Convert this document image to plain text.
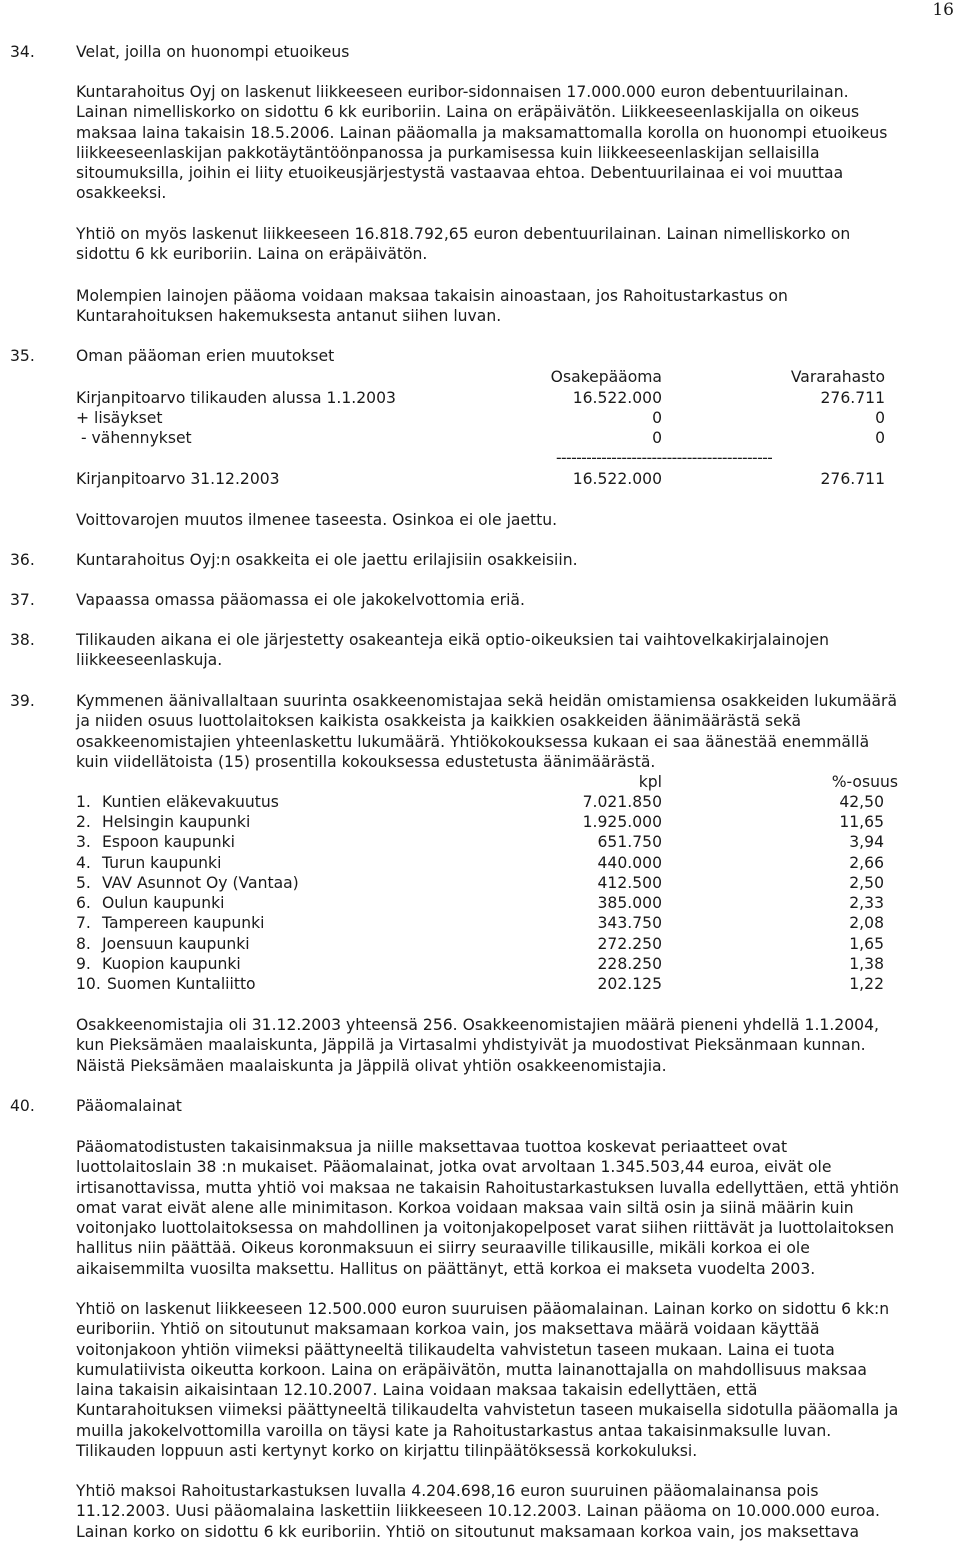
16
34.	Velat, joilla on huonompi etuoikeus
Kuntarahoitus Oyj on laskenut liikkeeseen euribor-sidonnaisen 17.000.000 euron debentuurilainan.
Lainan nimelliskorko on sidottu 6 kk euriboriin. Laina on eräpäivätön. Liikkeeseenlaskijalla on oikeus
maksaa laina takaisin 18.5.2006. Lainan pääomalla ja maksamattomalla korolla on huonompi etuoikeus
liikkeeseenlaskijan pakkotäytäntöönpanossa ja purkamisessa kuin liikkeeseenlaskijan sellaisilla
sitoumuksilla, joihin ei liity etuoikeusjärjestystä vastaavaa ehtoa. Debentuurilainaa ei voi muuttaa
osakkeeksi.
Yhtiö on myös laskenut liikkeeseen 16.818.792,65 euron debentuurilainan. Lainan nimelliskorko on
sidottu 6 kk euriboriin. Laina on eräpäivätön.
Molempien lainojen pääoma voidaan maksaa takaisin ainoastaan, jos Rahoitustarkastus on
Kuntarahoituksen hakemuksesta antanut siihen luvan.
35.	Oman pääoman erien muutokset
Osakepääoma	Vararahasto
Kirjanpitoarvo tilikauden alussa 1.1.2003	16.522.000	276.711
+ lisäykset	0	0
- vähennykset	0	0
-------------------------------------------
Kirjanpitoarvo 31.12.2003	16.522.000	276.711
Voittovarojen muutos ilmenee taseesta. Osinkoa ei ole jaettu.
36.	Kuntarahoitus Oyj:n osakkeita ei ole jaettu erilajisiin osakkeisiin.
37.	Vapaassa omassa pääomassa ei ole jakokelvottomia eriä.
38.	Tilikauden aikana ei ole järjestetty osakeanteja eikä optio-oikeuksien tai vaihtovelkakirjalainojen
liikkeeseenlaskuja.
39.	Kymmenen äänivallaltaan suurinta osakkeenomistajaa sekä heidän omistamiensa osakkeiden lukumäärä
ja niiden osuus luottolaitoksen kaikista osakkeista ja kaikkien osakkeiden äänimäärästä sekä
osakkeenomistajien yhteenlaskettu lukumäärä. Yhtiökokouksessa kukaan ei saa äänestää enemmällä
kuin viidellätoista (15) prosentilla kokouksessa edustetusta äänimäärästä.
kpl	%-osuus
1. Kuntien eläkevakuutus	7.021.850	42,50
2. Helsingin kaupunki	1.925.000	11,65
3. Espoon kaupunki	651.750	3,94
4. Turun kaupunki	440.000	2,66
5. VAV Asunnot Oy (Vantaa)	412.500	2,50
6. Oulun kaupunki	385.000	2,33
7. Tampereen kaupunki	343.750	2,08
8. Joensuun kaupunki	272.250	1,65
9. Kuopion kaupunki	228.250	1,38
10. Suomen Kuntaliitto	202.125	1,22
Osakkeenomistajia oli 31.12.2003 yhteensä 256. Osakkeenomistajien määrä pieneni yhdellä 1.1.2004,
kun Pieksämäen maalaiskunta, Jäppilä ja Virtasalmi yhdistyivät ja muodostivat Pieksänmaan kunnan.
Näistä Pieksämäen maalaiskunta ja Jäppilä olivat yhtiön osakkeenomistajia.
40.	Pääomalainat
Pääomatodistusten takaisinmaksua ja niille maksettavaa tuottoa koskevat periaatteet ovat
luottolaitoslain 38 :n mukaiset. Pääomalainat, jotka ovat arvoltaan 1.345.503,44 euroa, eivät ole
irtisanottavissa, mutta yhtiö voi maksaa ne takaisin Rahoitustarkastuksen luvalla edellyttäen, että yhtiön
omat varat eivät alene alle minimitason. Korkoa voidaan maksaa vain siltä osin ja siinä määrin kuin
voitonjako luottolaitoksessa on mahdollinen ja voitonjakopelposet varat siihen riittävät ja luottolaitoksen
hallitus niin päättää. Oikeus koronmaksuun ei siirry seuraaville tilikausille, mikäli korkoa ei ole
aikaisemmilta vuosilta maksettu. Hallitus on päättänyt, että korkoa ei makseta vuodelta 2003.
Yhtiö on laskenut liikkeeseen 12.500.000 euron suuruisen pääomalainan. Lainan korko on sidottu 6 kk:n
euriboriin. Yhtiö on sitoutunut maksamaan korkoa vain, jos maksettava määrä voidaan käyttää
voitonjakoon yhtiön viimeksi päättyneeltä tilikaudelta vahvistetun taseen mukaan. Laina ei tuota
kumulatiivista oikeutta korkoon. Laina on eräpäivätön, mutta lainanottajalla on mahdollisuus maksaa
laina takaisin aikaisintaan 12.10.2007. Laina voidaan maksaa takaisin edellyttäen, että
Kuntarahoituksen viimeksi päättyneeltä tilikaudelta vahvistetun taseen mukaisella sidotulla pääomalla ja
muilla jakokelvottomilla varoilla on täysi kate ja Rahoitustarkastus antaa takaisinmaksulle luvan.
Tilikauden loppuun asti kertynyt korko on kirjattu tilinpäätöksessä korkokuluksi.
Yhtiö maksoi Rahoitustarkastuksen luvalla 4.204.698,16 euron suuruinen pääomalainansa pois
11.12.2003. Uusi pääomalaina laskettiin liikkeeseen 10.12.2003. Lainan pääoma on 10.000.000 euroa.
Lainan korko on sidottu 6 kk euriboriin. Yhtiö on sitoutunut maksamaan korkoa vain, jos maksettava
